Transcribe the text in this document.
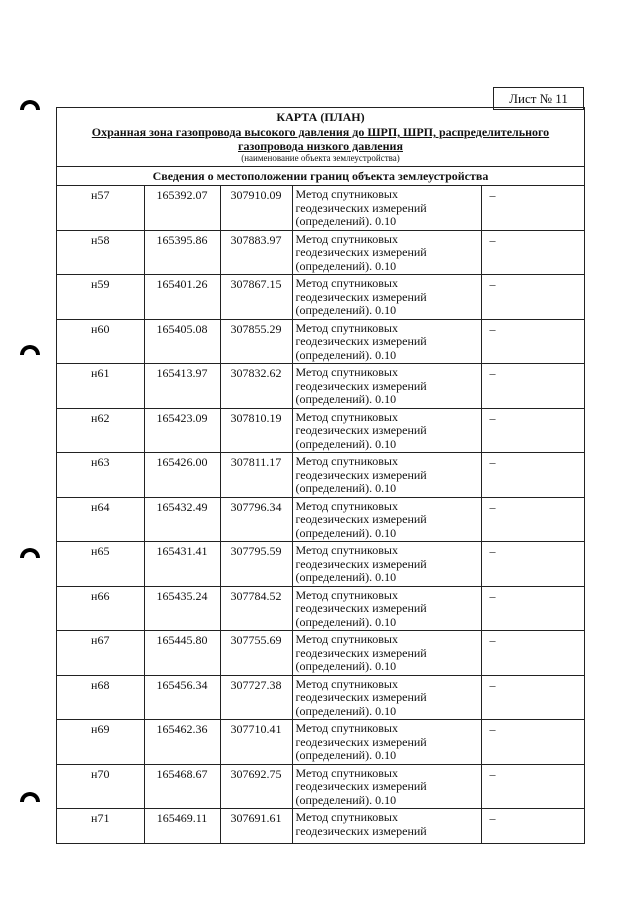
Лист № 11
КАРТА (ПЛАН)
Охранная зона газопровода высокого давления до ШРП, ШРП, распределительного
газопровода низкого давления
(наименование объекта землеустройства)
Сведения о местоположении границ объекта землеустройства
н57	165392.07	307910.09	Метод спутниковых
геодезических измерений
(определений). 0.10	–
н58	165395.86	307883.97	Метод спутниковых
геодезических измерений
(определений). 0.10	–
н59	165401.26	307867.15	Метод спутниковых
геодезических измерений
(определений). 0.10	–
н60	165405.08	307855.29	Метод спутниковых
геодезических измерений
(определений). 0.10	–
н61	165413.97	307832.62	Метод спутниковых
геодезических измерений
(определений). 0.10	–
н62	165423.09	307810.19	Метод спутниковых
геодезических измерений
(определений). 0.10	–
н63	165426.00	307811.17	Метод спутниковых
геодезических измерений
(определений). 0.10	–
н64	165432.49	307796.34	Метод спутниковых
геодезических измерений
(определений). 0.10	–
н65	165431.41	307795.59	Метод спутниковых
геодезических измерений
(определений). 0.10	–
н66	165435.24	307784.52	Метод спутниковых
геодезических измерений
(определений). 0.10	–
н67	165445.80	307755.69	Метод спутниковых
геодезических измерений
(определений). 0.10	–
н68	165456.34	307727.38	Метод спутниковых
геодезических измерений
(определений). 0.10	–
н69	165462.36	307710.41	Метод спутниковых
геодезических измерений
(определений). 0.10	–
н70	165468.67	307692.75	Метод спутниковых
геодезических измерений
(определений). 0.10	–
н71	165469.11	307691.61	Метод спутниковых
геодезических измерений	–
